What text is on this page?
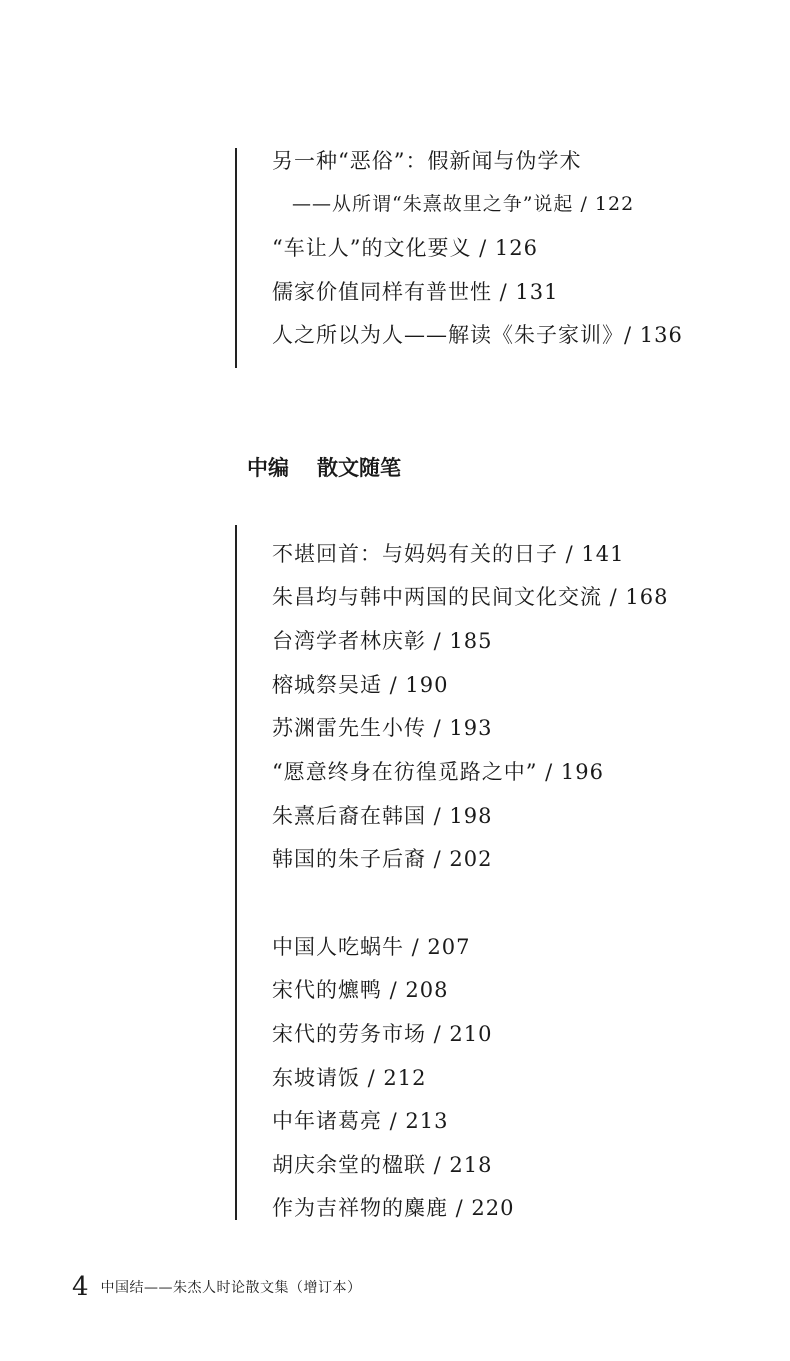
另一种“恶俗”：假新闻与伪学术
——从所谓“朱熹故里之争”说起 / 122
“车让人”的文化要义 / 126
儒家价值同样有普世性 / 131
人之所以为人——解读《朱子家训》/ 136
中编 散文随笔
不堪回首：与妈妈有关的日子 / 141
朱昌均与韩中两国的民间文化交流 / 168
台湾学者林庆彰 / 185
榕城祭吴适 / 190
苏渊雷先生小传 / 193
“愿意终身在彷徨觅路之中” / 196
朱熹后裔在韩国 / 198
韩国的朱子后裔 / 202
中国人吃蜗牛 / 207
宋代的爊鸭 / 208
宋代的劳务市场 / 210
东坡请饭 / 212
中年诸葛亮 / 213
胡庆余堂的楹联 / 218
作为吉祥物的麋鹿 / 220
4 中国结——朱杰人时论散文集（增订本）
